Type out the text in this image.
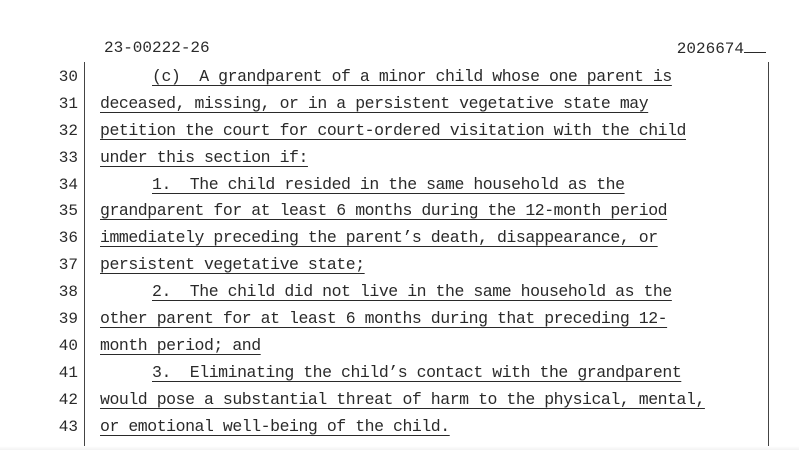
23-00222-26	2026674
30	(c)  A grandparent of a minor child whose one parent is
31 deceased, missing, or in a persistent vegetative state may
32 petition the court for court-ordered visitation with the child
33 under this section if:
34	1.  The child resided in the same household as the
35 grandparent for at least 6 months during the 12-month period
36 immediately preceding the parent’s death, disappearance, or
37 persistent vegetative state;
38	2.  The child did not live in the same household as the
39 other parent for at least 6 months during that preceding 12-
40 month period; and
41	3.  Eliminating the child’s contact with the grandparent
42 would pose a substantial threat of harm to the physical, mental,
43 or emotional well-being of the child.
